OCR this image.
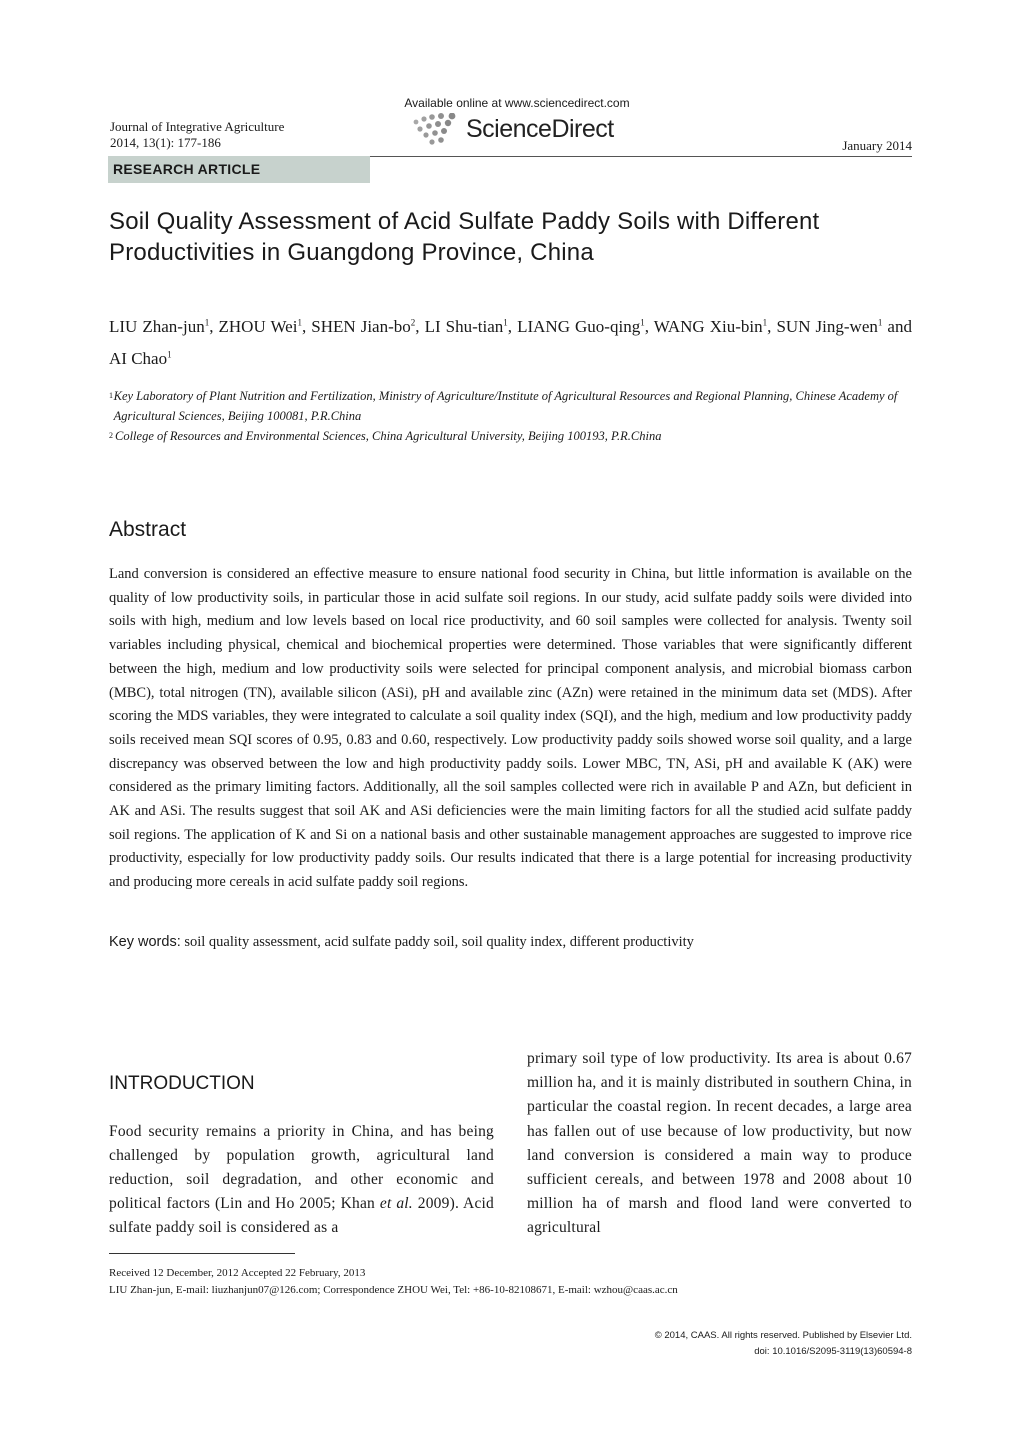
Journal of Integrative Agriculture
2014, 13(1): 177-186
Available online at www.sciencedirect.com
ScienceDirect
January 2014
RESEARCH ARTICLE
Soil Quality Assessment of Acid Sulfate Paddy Soils with Different
Productivities in Guangdong Province, China
LIU Zhan-jun$^1$, ZHOU Wei$^1$, SHEN Jian-$bo^2$, LI Shu-tian$^1$, LIANG Guo-qing$^1$, WANG Xiu-bin$^1$, SUN Jing-wen$^1$ and AI Chao$^1$
1 Key Laboratory of Plant Nutrition and Fertilization, Ministry of Agriculture/Institute of Agricultural Resources and Regional Planning, Chinese Academy of Agricultural Sciences, Beijing 100081, P.R.China
2 College of Resources and Environmental Sciences, China Agricultural University, Beijing 100193, P.R.China
Abstract
Land conversion is considered an effective measure to ensure national food security in China, but little information is available on the quality of low productivity soils, in particular those in acid sulfate soil regions. In our study, acid sulfate paddy soils were divided into soils with high, medium and low levels based on local rice productivity, and 60 soil samples were collected for analysis. Twenty soil variables including physical, chemical and biochemical properties were determined. Those variables that were significantly different between the high, medium and low productivity soils were selected for principal component analysis, and microbial biomass carbon (MBC), total nitrogen (TN), available silicon (ASi), pH and available zinc (AZn) were retained in the minimum data set (MDS). After scoring the MDS variables, they were integrated to calculate a soil quality index (SQI), and the high, medium and low productivity paddy soils received mean SQI scores of 0.95, 0.83 and 0.60, respectively. Low productivity paddy soils showed worse soil quality, and a large discrepancy was observed between the low and high productivity paddy soils. Lower MBC, TN, ASi, pH and available K (AK) were considered as the primary limiting factors. Additionally, all the soil samples collected were rich in available P and AZn, but deficient in AK and ASi. The results suggest that soil AK and ASi deficiencies were the main limiting factors for all the studied acid sulfate paddy soil regions. The application of K and Si on a national basis and other sustainable management approaches are suggested to improve rice productivity, especially for low productivity paddy soils. Our results indicated that there is a large potential for increasing productivity and producing more cereals in acid sulfate paddy soil regions.
Key words: soil quality assessment, acid sulfate paddy soil, soil quality index, different productivity
INTRODUCTION
Food security remains a priority in China, and has being challenged by population growth, agricultural land reduction, soil degradation, and other economic and political factors (Lin and Ho 2005; Khan et al. 2009). Acid sulfate paddy soil is considered as a
primary soil type of low productivity. Its area is about 0.67 million ha, and it is mainly distributed in southern China, in particular the coastal region. In recent decades, a large area has fallen out of use because of low productivity, but now land conversion is considered a main way to produce sufficient cereals, and between 1978 and 2008 about 10 million ha of marsh and flood land were converted to agricultural
Received 12 December, 2012 Accepted 22 February, 2013
LIU Zhan-jun, E-mail: liuzhanjun07@126.com; Correspondence ZHOU Wei, Tel: +86-10-82108671, E-mail: wzhou@caas.ac.cn
© 2014, CAAS. All rights reserved. Published by Elsevier Ltd.
doi: 10.1016/S2095-3119(13)60594-8
